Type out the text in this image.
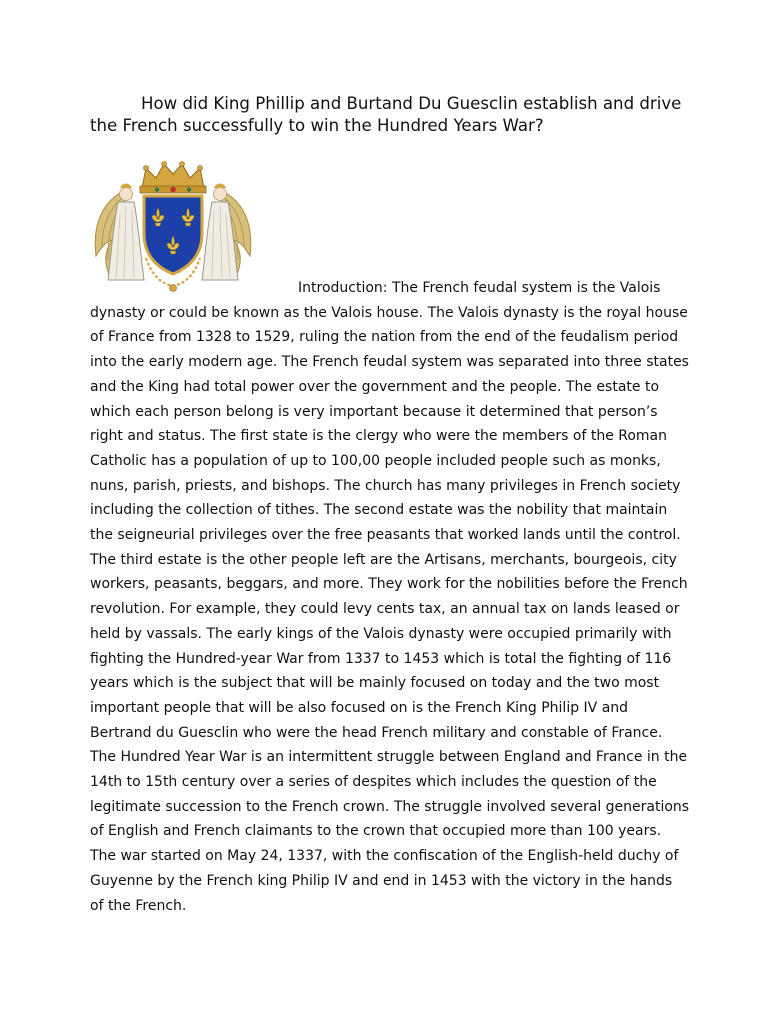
How did King Phillip and Burtand Du Guesclin establish and drive the French successfully to win the Hundred Years War?
Introduction: The French feudal system is the Valois dynasty or could be known as the Valois house. The Valois dynasty is the royal house of France from 1328 to 1529, ruling the nation from the end of the feudalism period into the early modern age. The French feudal system was separated into three states and the King had total power over the government and the people. The estate to which each person belong is very important because it determined that person’s right and status. The first state is the clergy who were the members of the Roman Catholic has a population of up to 100,00 people included people such as monks, nuns, parish, priests, and bishops. The church has many privileges in French society including the collection of tithes. The second estate was the nobility that maintain the seigneurial privileges over the free peasants that worked lands until the control. The third estate is the other people left are the Artisans, merchants, bourgeois, city workers, peasants, beggars, and more. They work for the nobilities before the French revolution. For example, they could levy cents tax, an annual tax on lands leased or held by vassals. The early kings of the Valois dynasty were occupied primarily with fighting the Hundred-year War from 1337 to 1453 which is total the fighting of 116 years which is the subject that will be mainly focused on today and the two most important people that will be also focused on is the French King Philip IV and Bertrand du Guesclin who were the head French military and constable of France. The Hundred Year War is an intermittent struggle between England and France in the 14th to 15th century over a series of despites which includes the question of the legitimate succession to the French crown. The struggle involved several generations of English and French claimants to the crown that occupied more than 100 years. The war started on May 24, 1337, with the confiscation of the English-held duchy of Guyenne by the French king Philip IV and end in 1453 with the victory in the hands of the French.
